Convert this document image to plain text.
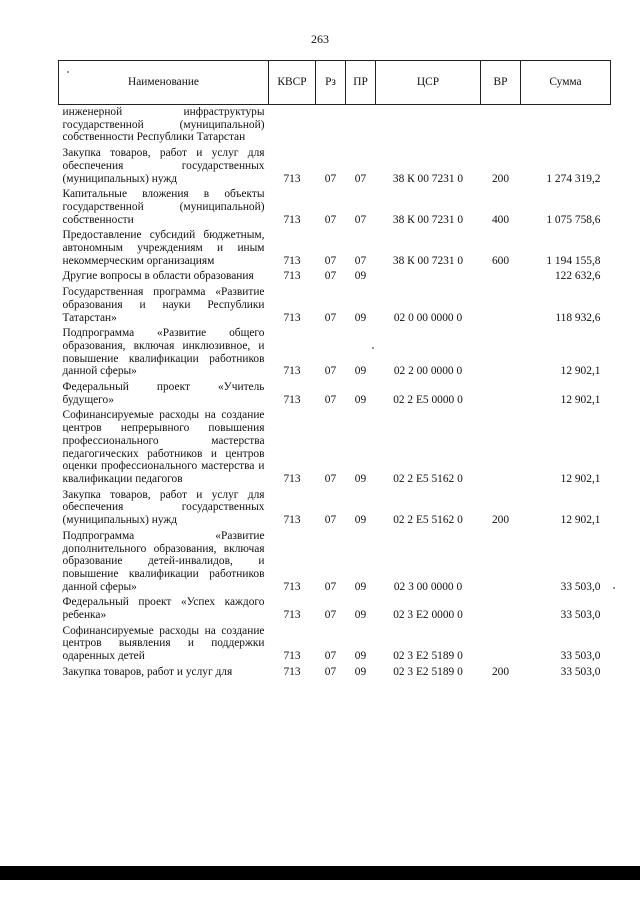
263
Наименование	КВСР	Рз	ПР	ЦСР	ВР	Сумма
инженерной инфраструктуры государственной (муниципальной) собственности Республики Татарстан						
Закупка товаров, работ и услуг для обеспечения государственных (муниципальных) нужд	713	07	07	38 К 00 7231 0	200	1 274 319,2
Капитальные вложения в объекты государственной (муниципальной) собственности	713	07	07	38 К 00 7231 0	400	1 075 758,6
Предоставление субсидий бюджетным, автономным учреждениям и иным некоммерческим организациям	713	07	07	38 К 00 7231 0	600	1 194 155,8
Другие вопросы в области образования	713	07	09			122 632,6
Государственная программа «Развитие образования и науки Республики Татарстан»	713	07	09	02 0 00 0000 0		118 932,6
Подпрограмма «Развитие общего образования, включая инклюзивное, и повышение квалификации работников данной сферы»	713	07	09	02 2 00 0000 0		12 902,1
Федеральный проект «Учитель будущего»	713	07	09	02 2 Е5 0000 0		12 902,1
Софинансируемые расходы на создание центров непрерывного повышения профессионального мастерства педагогических работников и центров оценки профессионального мастерства и квалификации педагогов	713	07	09	02 2 Е5 5162 0		12 902,1
Закупка товаров, работ и услуг для обеспечения государственных (муниципальных) нужд	713	07	09	02 2 Е5 5162 0	200	12 902,1
Подпрограмма «Развитие дополнительного образования, включая образование детей-инвалидов, и повышение квалификации работников данной сферы»	713	07	09	02 3 00 0000 0		33 503,0
Федеральный проект «Успех каждого ребенка»	713	07	09	02 3 Е2 0000 0		33 503,0
Софинансируемые расходы на создание центров выявления и поддержки одаренных детей	713	07	09	02 3 Е2 5189 0		33 503,0
Закупка товаров, работ и услуг для	713	07	09	02 3 Е2 5189 0	200	33 503,0
